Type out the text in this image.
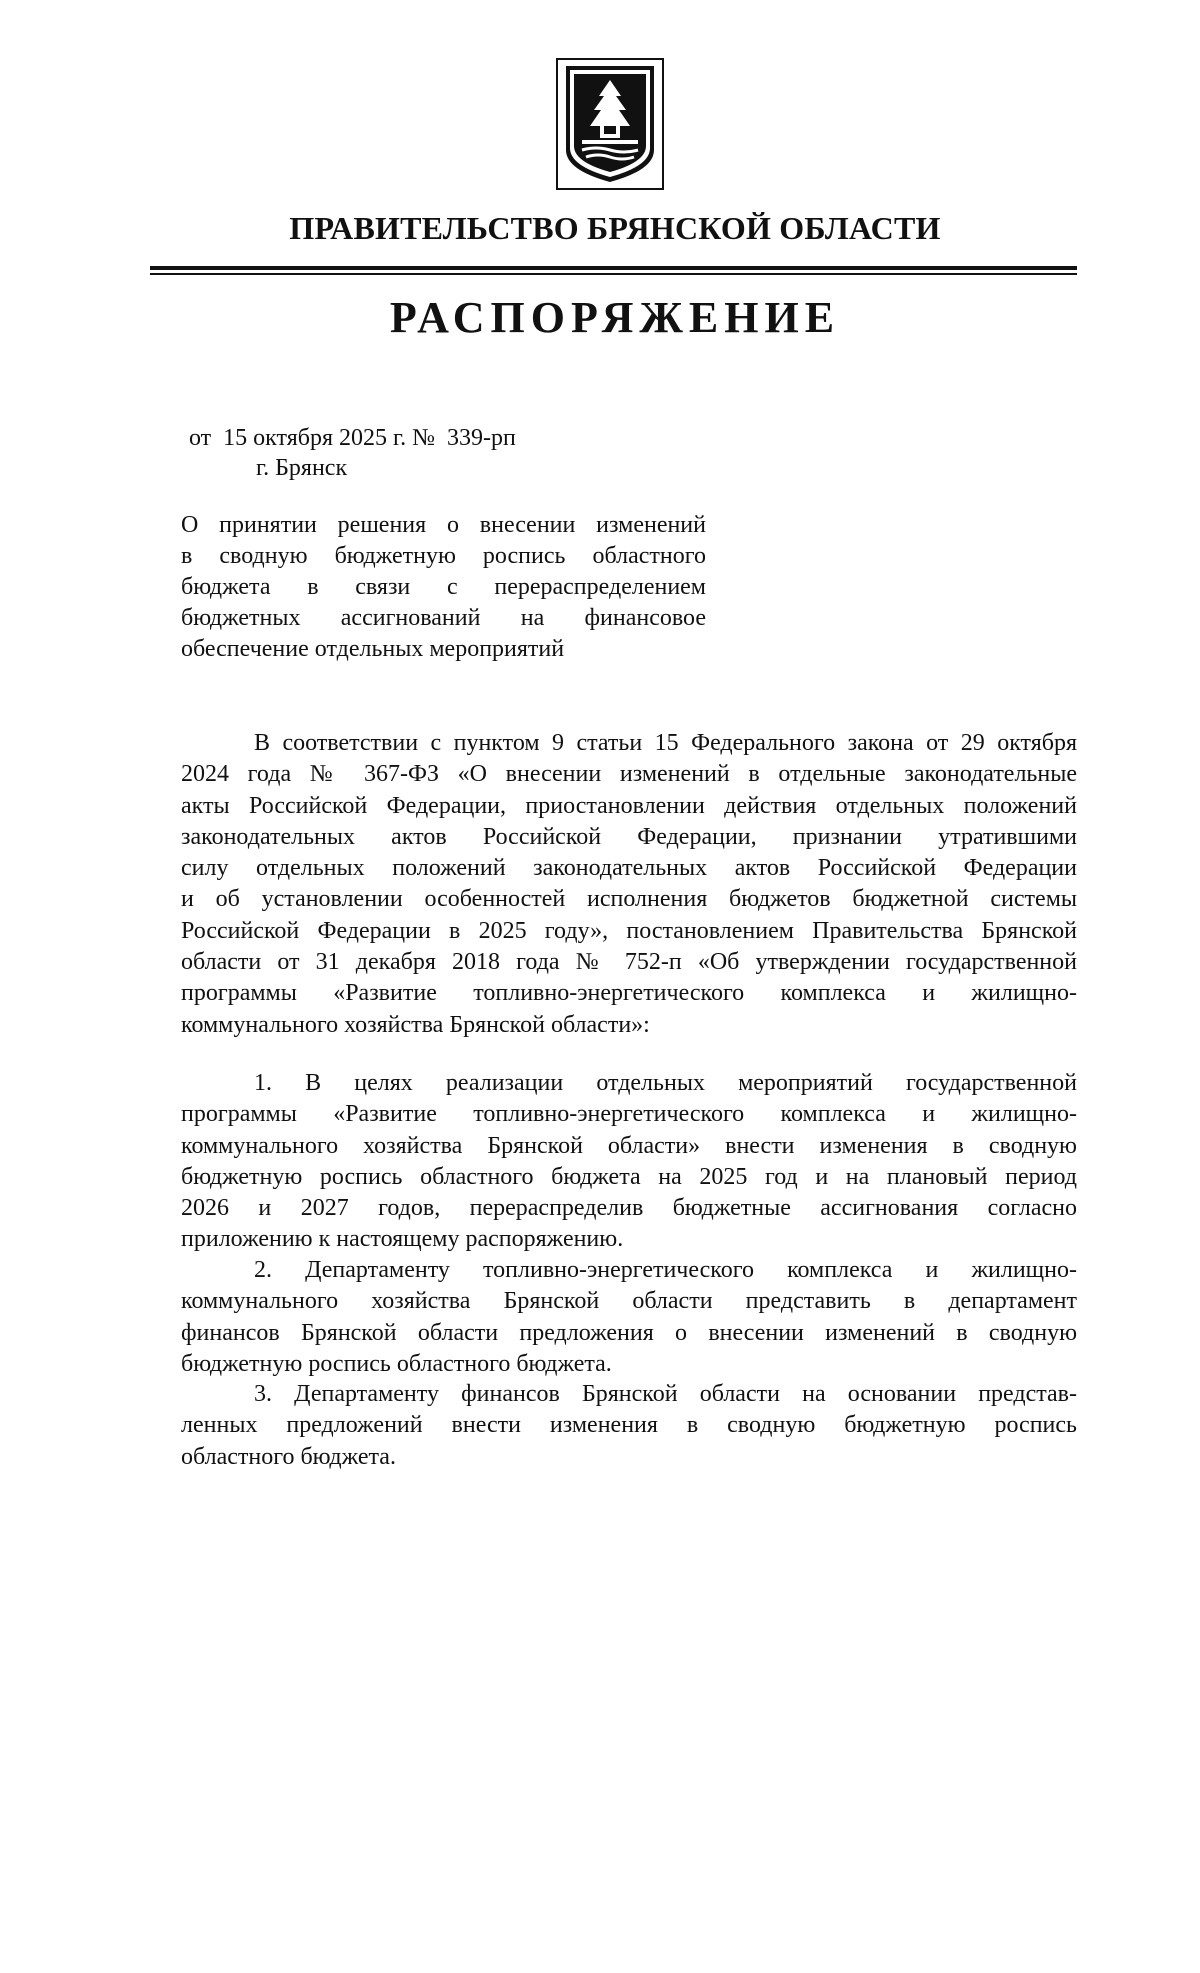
ПРАВИТЕЛЬСТВО БРЯНСКОЙ ОБЛАСТИ
РАСПОРЯЖЕНИЕ
от 15 октября 2025 г. № 339-рп
г. Брянск
О принятии решения о внесении изменений
в сводную бюджетную роспись областного
бюджета в связи с перераспределением
бюджетных ассигнований на финансовое
обеспечение отдельных мероприятий
В соответствии с пунктом 9 статьи 15 Федерального закона от 29 октября
2024 года № 367-ФЗ «О внесении изменений в отдельные законодательные
акты Российской Федерации, приостановлении действия отдельных положений
законодательных актов Российской Федерации, признании утратившими
силу отдельных положений законодательных актов Российской Федерации
и об установлении особенностей исполнения бюджетов бюджетной системы
Российской Федерации в 2025 году», постановлением Правительства Брянской
области от 31 декабря 2018 года № 752-п «Об утверждении государственной
программы «Развитие топливно-энергетического комплекса и жилищно-
коммунального хозяйства Брянской области»:
1. В целях реализации отдельных мероприятий государственной
программы «Развитие топливно-энергетического комплекса и жилищно-
коммунального хозяйства Брянской области» внести изменения в сводную
бюджетную роспись областного бюджета на 2025 год и на плановый период
2026 и 2027 годов, перераспределив бюджетные ассигнования согласно
приложению к настоящему распоряжению.
2. Департаменту топливно-энергетического комплекса и жилищно-
коммунального хозяйства Брянской области представить в департамент
финансов Брянской области предложения о внесении изменений в сводную
бюджетную роспись областного бюджета.
3. Департаменту финансов Брянской области на основании представ-
ленных предложений внести изменения в сводную бюджетную роспись
областного бюджета.
